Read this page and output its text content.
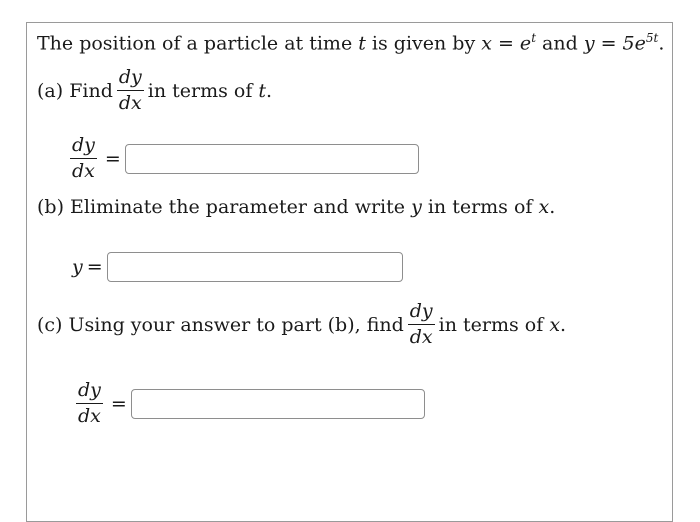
The position of a particle at time t is given by $x = e^t$ and $y = 5e^{5t}$.
(a) Find $\frac{dy}{dx}$ in terms of t.
$\frac{dy}{dx}$ =
(b) Eliminate the parameter and write y in terms of x.
y =
(c) Using your answer to part (b), find $\frac{dy}{dx}$ in terms of x.
$\frac{dy}{dx}$ =
